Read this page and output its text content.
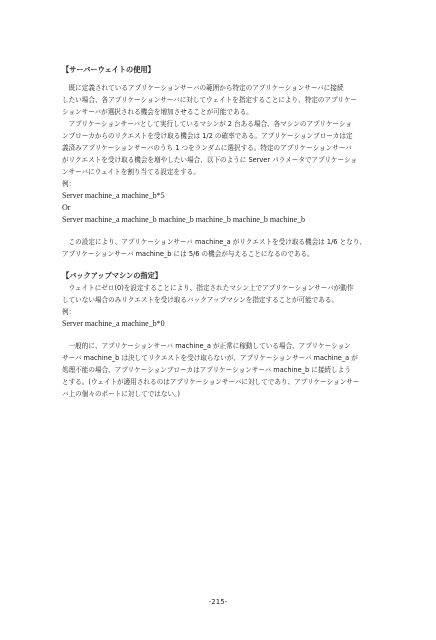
【サーバーウェイトの使用】

　既に定義されているアプリケーションサーバの範囲から特定のアプリケーションサーバに接続
したい場合、各アプリケーションサーバに対してウェイトを指定することにより、特定のアプリケー
ションサーバが選択される機会を増加させることが可能である。
　アプリケーションサーバとして実行しているマシンが 2 台ある場合、各マシンのアプリケーショ
ンブローカからのリクエストを受け取る機会は 1/2 の確率である。アプリケーションブローカは定
義済みアプリケーションサーバのうち 1 つをランダムに選択する。特定のアプリケーションサーバ
がリクエストを受け取る機会を増やしたい場合、以下のように Server パラメータでアプリケーショ
ンサーバにウェイトを割り当てる設定をする。

例：

Server machine_a machine_b*5

Or

Server machine_a machine_b machine_b machine_b machine_b machine_b

　この設定により、アプリケーションサーバ machine_a がリクエストを受け取る機会は 1/6 となり、
アプリケーションサーバ machine_b には 5/6 の機会が与えることになるのである。

【バックアップマシンの指定】

　ウェイトにゼロ(0)を設定することにより、指定されたマシン上でアプリケーションサーバが動作
していない場合のみリクエストを受け取るバックアップマシンを指定することが可能である。

例：

Server machine_a machine_b*0

　一般的に、アプリケーションサーバ machine_a が正常に稼動している場合、アプリケーション
サーバ machine_b は決してリクエストを受け取らないが、アプリケーションサーバ machine_a が
処理不能の場合、アプリケーションブローカはアプリケーションサーバ machine_b に接続しよう
とする。(ウェイトが適用されるのはアプリケーションサーバに対してであり、アプリケーションサー
バ上の個々のポートに対してではない。)
-215-
